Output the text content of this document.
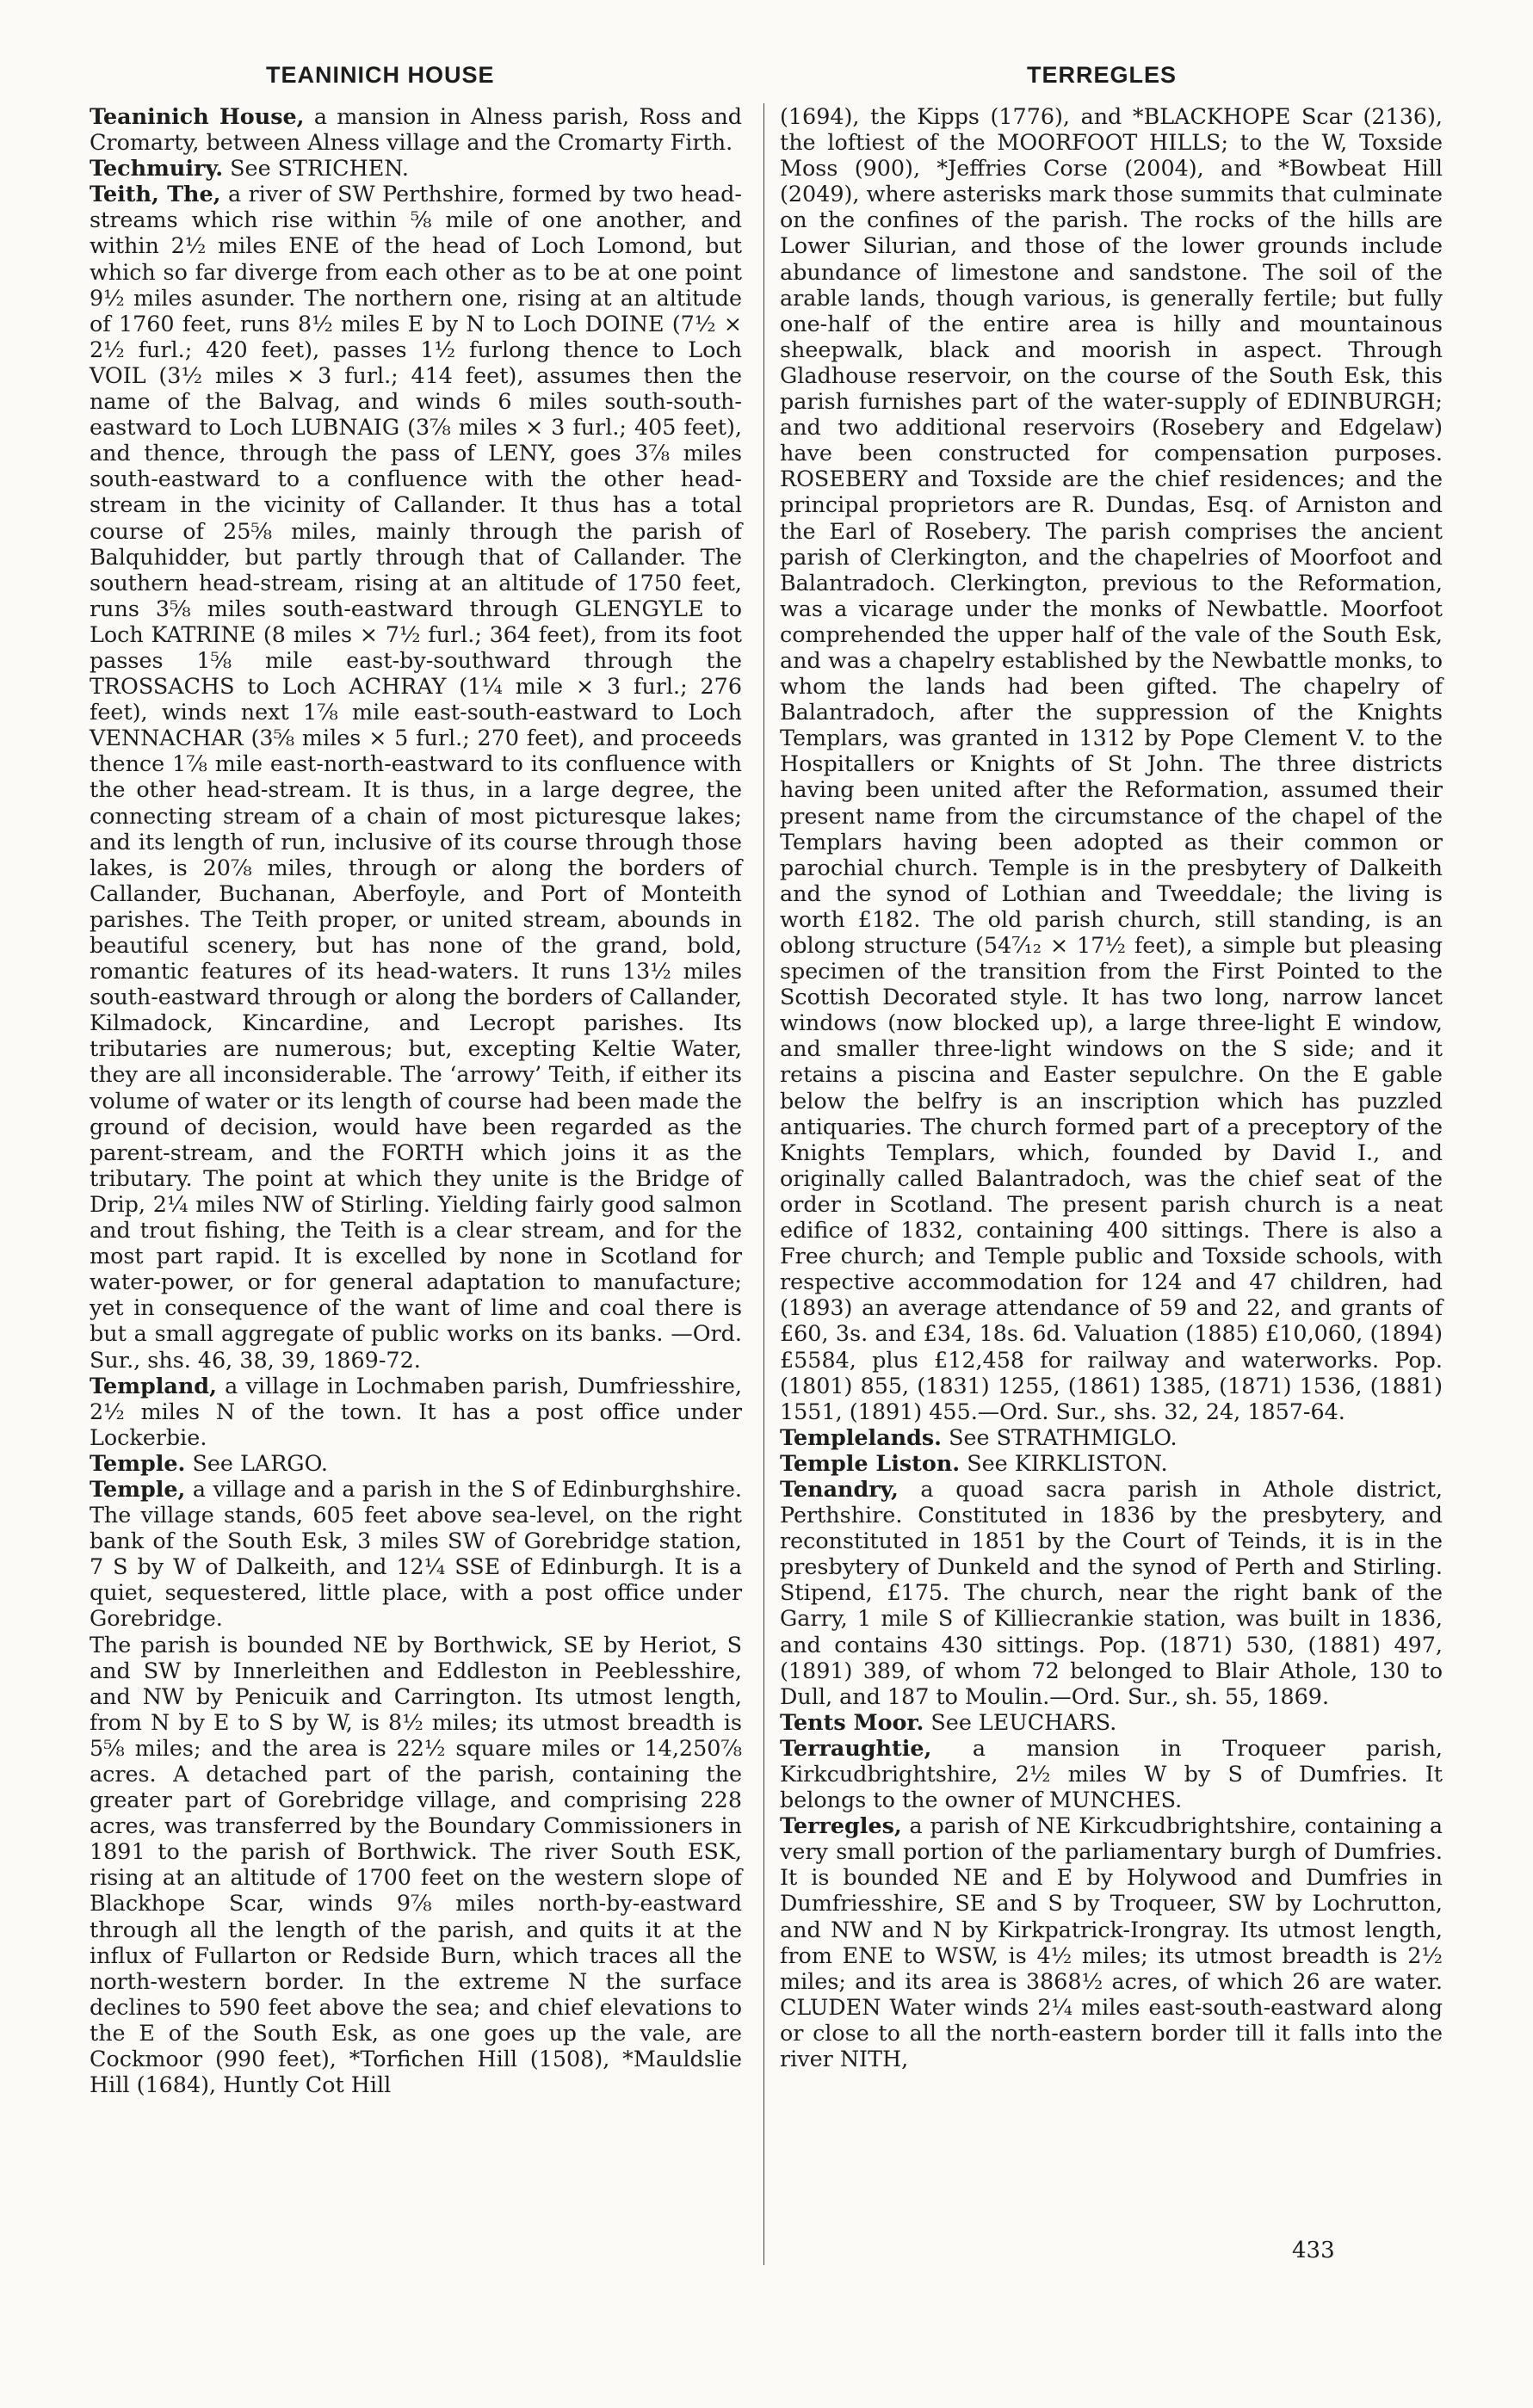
TEANINICH HOUSE	TERREGLES

Teaninich House, a mansion in Alness parish, Ross and Cromarty, between Alness village and the Cromarty Firth.

Techmuiry. See STRICHEN.

Teith, The, a river of SW Perthshire, formed by two head-streams which rise within ⅝ mile of one another, and within 2½ miles ENE of the head of Loch Lomond, but which so far diverge from each other as to be at one point 9½ miles asunder. The northern one, rising at an altitude of 1760 feet, runs 8½ miles E by N to Loch DOINE (7½ × 2½ furl.; 420 feet), passes 1½ furlong thence to Loch VOIL (3½ miles × 3 furl.; 414 feet), assumes then the name of the Balvag, and winds 6 miles south-south-eastward to Loch LUBNAIG (3⅞ miles × 3 furl.; 405 feet), and thence, through the pass of LENY, goes 3⅞ miles south-eastward to a confluence with the other head-stream in the vicinity of Callander. It thus has a total course of 25⅝ miles, mainly through the parish of Balquhidder, but partly through that of Callander. The southern head-stream, rising at an altitude of 1750 feet, runs 3⅝ miles south-eastward through GLENGYLE to Loch KATRINE (8 miles × 7½ furl.; 364 feet), from its foot passes 1⅝ mile east-by-southward through the TROSSACHS to Loch ACHRAY (1¼ mile × 3 furl.; 276 feet), winds next 1⅞ mile east-south-eastward to Loch VENNACHAR (3⅝ miles × 5 furl.; 270 feet), and proceeds thence 1⅞ mile east-north-eastward to its confluence with the other head-stream. It is thus, in a large degree, the connecting stream of a chain of most picturesque lakes; and its length of run, inclusive of its course through those lakes, is 20⅞ miles, through or along the borders of Callander, Buchanan, Aberfoyle, and Port of Monteith parishes. The Teith proper, or united stream, abounds in beautiful scenery, but has none of the grand, bold, romantic features of its head-waters. It runs 13½ miles south-eastward through or along the borders of Callander, Kilmadock, Kincardine, and Lecropt parishes. Its tributaries are numerous; but, excepting Keltie Water, they are all inconsiderable. The ‘arrowy’ Teith, if either its volume of water or its length of course had been made the ground of decision, would have been regarded as the parent-stream, and the FORTH which joins it as the tributary. The point at which they unite is the Bridge of Drip, 2¼ miles NW of Stirling. Yielding fairly good salmon and trout fishing, the Teith is a clear stream, and for the most part rapid. It is excelled by none in Scotland for water-power, or for general adaptation to manufacture; yet in consequence of the want of lime and coal there is but a small aggregate of public works on its banks. —Ord. Sur., shs. 46, 38, 39, 1869-72.

Templand, a village in Lochmaben parish, Dumfriesshire, 2½ miles N of the town. It has a post office under Lockerbie.

Temple. See LARGO.

Temple, a village and a parish in the S of Edinburghshire. The village stands, 605 feet above sea-level, on the right bank of the South Esk, 3 miles SW of Gorebridge station, 7 S by W of Dalkeith, and 12¼ SSE of Edinburgh. It is a quiet, sequestered, little place, with a post office under Gorebridge.

The parish is bounded NE by Borthwick, SE by Heriot, S and SW by Innerleithen and Eddleston in Peeblesshire, and NW by Penicuik and Carrington. Its utmost length, from N by E to S by W, is 8½ miles; its utmost breadth is 5⅝ miles; and the area is 22½ square miles or 14,250⅞ acres. A detached part of the parish, containing the greater part of Gorebridge village, and comprising 228 acres, was transferred by the Boundary Commissioners in 1891 to the parish of Borthwick. The river South ESK, rising at an altitude of 1700 feet on the western slope of Blackhope Scar, winds 9⅞ miles north-by-eastward through all the length of the parish, and quits it at the influx of Fullarton or Redside Burn, which traces all the north-western border. In the extreme N the surface declines to 590 feet above the sea; and chief elevations to the E of the South Esk, as one goes up the vale, are Cockmoor (990 feet), *Torfichen Hill (1508), *Mauldslie Hill (1684), Huntly Cot Hill

(1694), the Kipps (1776), and *BLACKHOPE Scar (2136), the loftiest of the MOORFOOT HILLS; to the W, Toxside Moss (900), *Jeffries Corse (2004), and *Bowbeat Hill (2049), where asterisks mark those summits that culminate on the confines of the parish. The rocks of the hills are Lower Silurian, and those of the lower grounds include abundance of limestone and sandstone. The soil of the arable lands, though various, is generally fertile; but fully one-half of the entire area is hilly and mountainous sheepwalk, black and moorish in aspect. Through Gladhouse reservoir, on the course of the South Esk, this parish furnishes part of the water-supply of EDINBURGH; and two additional reservoirs (Rosebery and Edgelaw) have been constructed for compensation purposes. ROSEBERY and Toxside are the chief residences; and the principal proprietors are R. Dundas, Esq. of Arniston and the Earl of Rosebery. The parish comprises the ancient parish of Clerkington, and the chapelries of Moorfoot and Balantradoch. Clerkington, previous to the Reformation, was a vicarage under the monks of Newbattle. Moorfoot comprehended the upper half of the vale of the South Esk, and was a chapelry established by the Newbattle monks, to whom the lands had been gifted. The chapelry of Balantradoch, after the suppression of the Knights Templars, was granted in 1312 by Pope Clement V. to the Hospitallers or Knights of St John. The three districts having been united after the Reformation, assumed their present name from the circumstance of the chapel of the Templars having been adopted as their common or parochial church. Temple is in the presbytery of Dalkeith and the synod of Lothian and Tweeddale; the living is worth £182. The old parish church, still standing, is an oblong structure (54⁷⁄₁₂ × 17½ feet), a simple but pleasing specimen of the transition from the First Pointed to the Scottish Decorated style. It has two long, narrow lancet windows (now blocked up), a large three-light E window, and smaller three-light windows on the S side; and it retains a piscina and Easter sepulchre. On the E gable below the belfry is an inscription which has puzzled antiquaries. The church formed part of a preceptory of the Knights Templars, which, founded by David I., and originally called Balantradoch, was the chief seat of the order in Scotland. The present parish church is a neat edifice of 1832, containing 400 sittings. There is also a Free church; and Temple public and Toxside schools, with respective accommodation for 124 and 47 children, had (1893) an average attendance of 59 and 22, and grants of £60, 3s. and £34, 18s. 6d. Valuation (1885) £10,060, (1894) £5584, plus £12,458 for railway and waterworks. Pop. (1801) 855, (1831) 1255, (1861) 1385, (1871) 1536, (1881) 1551, (1891) 455.—Ord. Sur., shs. 32, 24, 1857-64.

Templelands. See STRATHMIGLO.

Temple Liston. See KIRKLISTON.

Tenandry, a quoad sacra parish in Athole district, Perthshire. Constituted in 1836 by the presbytery, and reconstituted in 1851 by the Court of Teinds, it is in the presbytery of Dunkeld and the synod of Perth and Stirling. Stipend, £175. The church, near the right bank of the Garry, 1 mile S of Killiecrankie station, was built in 1836, and contains 430 sittings. Pop. (1871) 530, (1881) 497, (1891) 389, of whom 72 belonged to Blair Athole, 130 to Dull, and 187 to Moulin.—Ord. Sur., sh. 55, 1869.

Tents Moor. See LEUCHARS.

Terraughtie, a mansion in Troqueer parish, Kirkcudbrightshire, 2½ miles W by S of Dumfries. It belongs to the owner of MUNCHES.

Terregles, a parish of NE Kirkcudbrightshire, containing a very small portion of the parliamentary burgh of Dumfries. It is bounded NE and E by Holywood and Dumfries in Dumfriesshire, SE and S by Troqueer, SW by Lochrutton, and NW and N by Kirkpatrick-Irongray. Its utmost length, from ENE to WSW, is 4½ miles; its utmost breadth is 2½ miles; and its area is 3868½ acres, of which 26 are water. CLUDEN Water winds 2¼ miles east-south-eastward along or close to all the north-eastern border till it falls into the river NITH,

433
